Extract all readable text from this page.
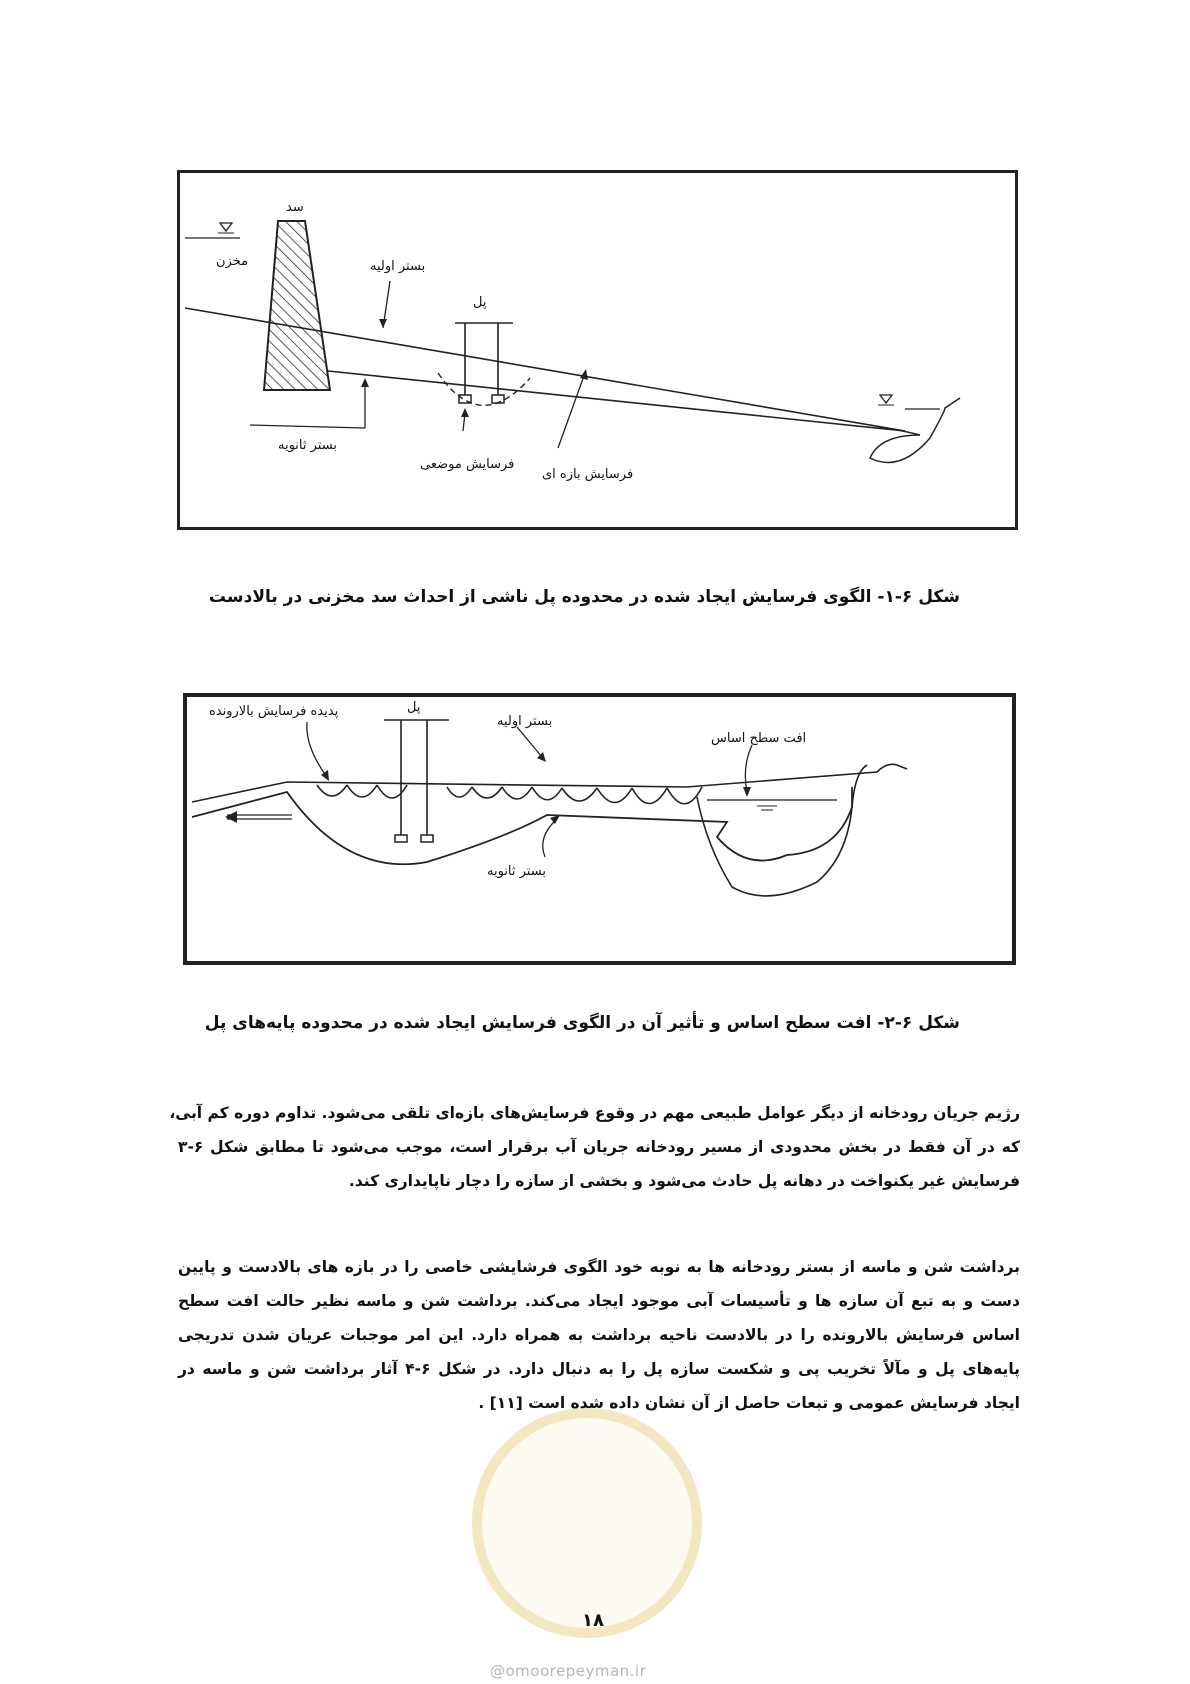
سد
مخزن	بستر اولیه
پل
بستر ثانویه
فرسایش موضعی
فرسایش بازه ای
شکل ۶-۱- الگوی فرسایش ایجاد شده در محدوده پل ناشی از احداث سد مخزنی در بالادست
پدیده فرسایش بالارونده	پل
بستر اولیه
افت سطح اساس
بستر ثانویه
شکل ۶-۲- افت سطح اساس و تأثیر آن در الگوی فرسایش ایجاد شده در محدوده پایه‌های پل
رژیم جریان رودخانه از دیگر عوامل طبیعی مهم در وقوع فرسایش‌های بازه‌ای تلقی می‌شود. تداوم دوره کم آبی،
که در آن فقط در بخش محدودی از مسیر رودخانه جریان آب برقرار است، موجب می‌شود تا مطابق شکل ۶-۳
فرسایش غیر یکنواخت در دهانه پل حادث می‌شود و بخشی از سازه را دچار ناپایداری کند.
برداشت شن و ماسه از بستر رودخانه ها به نوبه خود الگوی فرشایشی خاصی را در بازه های بالادست و پایین
دست و به تبع آن سازه ها و تأسیسات آبی موجود ایجاد می‌کند. برداشت شن و ماسه نظیر حالت افت سطح
اساس فرسایش بالارونده را در بالادست ناحیه برداشت به همراه دارد. این امر موجبات عریان شدن تدریجی
پایه‌های پل و مآلاً تخریب پی و شکست سازه پل را به دنبال دارد. در شکل ۶-۴ آثار برداشت شن و ماسه در
ایجاد فرسایش عمومی و تبعات حاصل از آن نشان داده شده است [۱۱] .
۱۸
@omoorepeyman.ir
